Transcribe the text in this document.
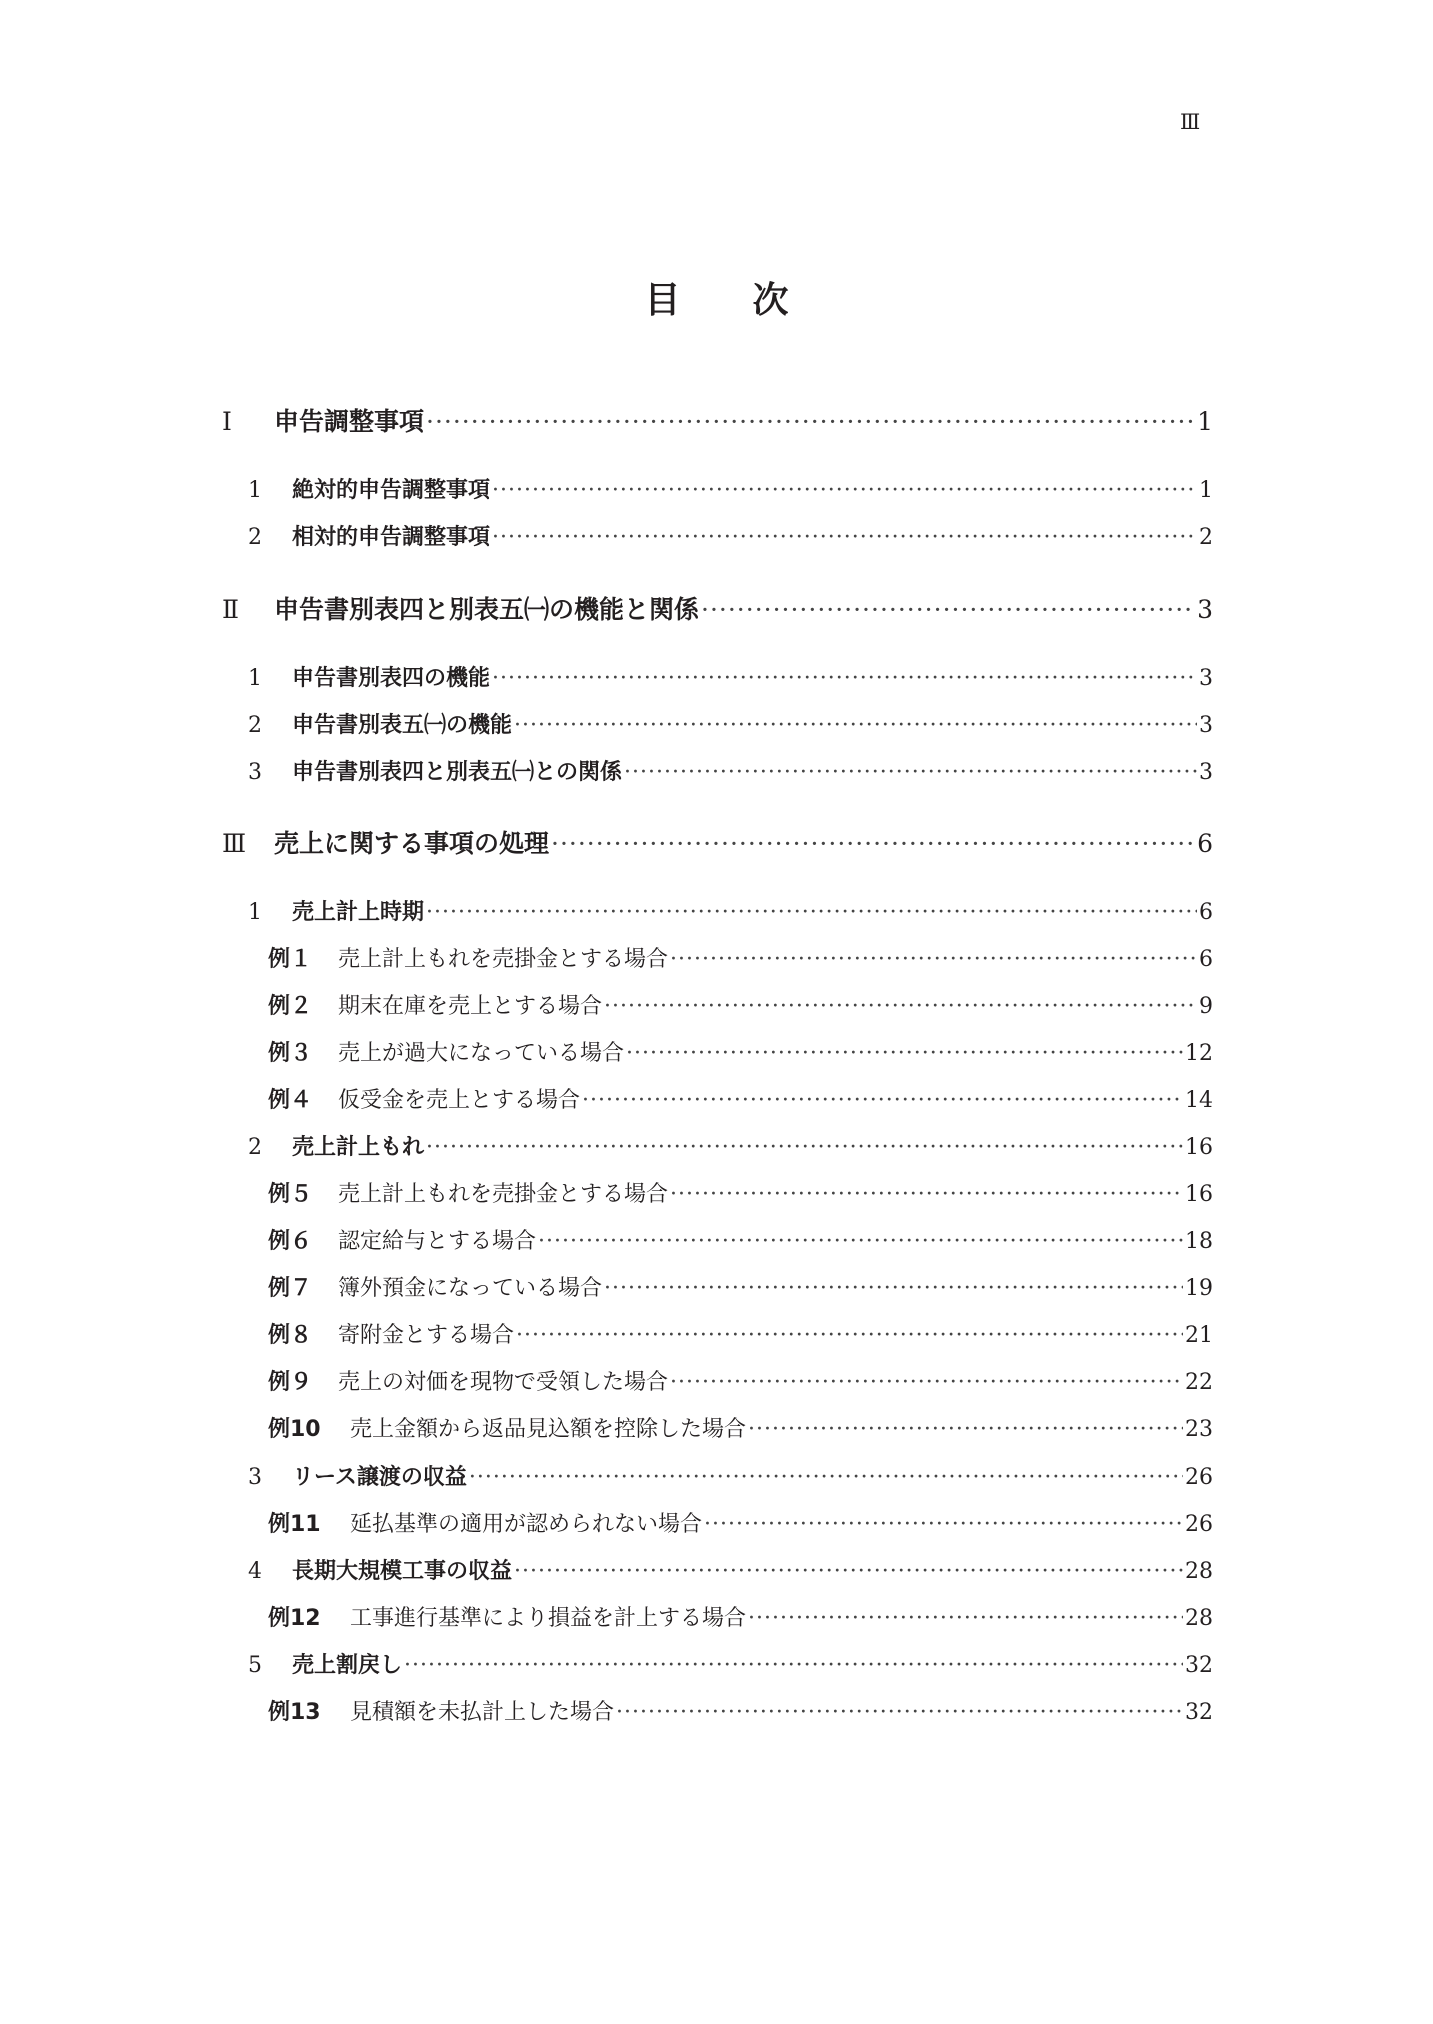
Ⅲ
目 次
Ⅰ	申告調整事項 ·····	1
1	絶対的申告調整事項 ·····	1
2	相対的申告調整事項 ·····	2
Ⅱ	申告書別表四と別表五㈠の機能と関係 ·····	3
1	申告書別表四の機能 ·····	3
2	申告書別表五㈠の機能 ·····	3
3	申告書別表四と別表五㈠との関係 ·····	3
Ⅲ	売上に関する事項の処理 ·····	6
1	売上計上時期 ·····	6
例１	売上計上もれを売掛金とする場合 ·····	6
例２	期末在庫を売上とする場合 ·····	9
例３	売上が過大になっている場合 ·····	12
例４	仮受金を売上とする場合 ·····	14
2	売上計上もれ ·····	16
例５	売上計上もれを売掛金とする場合 ·····	16
例６	認定給与とする場合 ·····	18
例７	簿外預金になっている場合 ·····	19
例８	寄附金とする場合 ·····	21
例９	売上の対価を現物で受領した場合 ·····	22
例10	売上金額から返品見込額を控除した場合 ·····	23
3	リース譲渡の収益 ·····	26
例11	延払基準の適用が認められない場合 ·····	26
4	長期大規模工事の収益 ·····	28
例12	工事進行基準により損益を計上する場合 ·····	28
5	売上割戻し ·····	32
例13	見積額を未払計上した場合 ·····	32
